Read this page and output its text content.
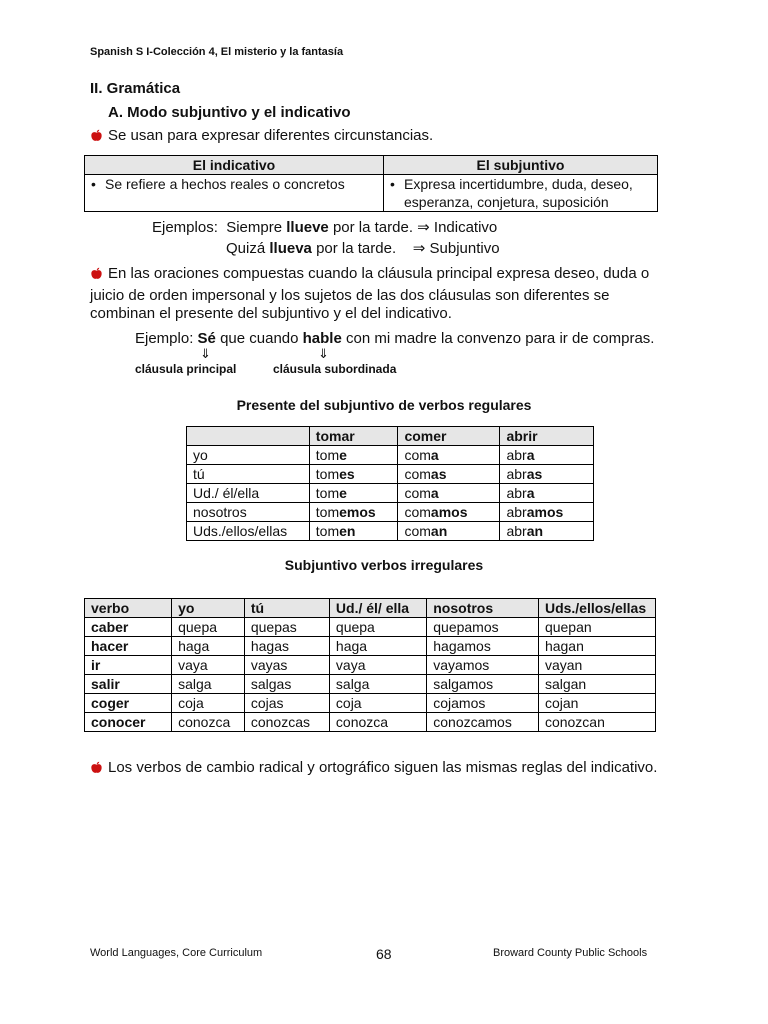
Spanish S I-Colección 4, El misterio y la fantasía
II. Gramática
A. Modo subjuntivo y el indicativo
Se usan para expresar diferentes circunstancias.
El indicativo	El subjuntivo
• Se refiere a hechos reales o concretos	• Expresa incertidumbre, duda, deseo,
esperanza, conjetura, suposición
Ejemplos: Siempre llueve por la tarde. ⇒ Indicativo
Quizá llueva por la tarde. ⇒ Subjuntivo
En las oraciones compuestas cuando la cláusula principal expresa deseo, duda o
juicio de orden impersonal y los sujetos de las dos cláusulas son diferentes se
combinan el presente del subjuntivo y el del indicativo.
Ejemplo: Sé que cuando hable con mi madre la convenzo para ir de compras.
⇓	⇓
cláusula principal	cláusula subordinada
Presente del subjuntivo de verbos regulares
	tomar	comer	abrir
yo	tome	coma	abra
tú	tomes	comas	abras
Ud./ él/ella	tome	coma	abra
nosotros	tomemos	comamos	abramos
Uds./ellos/ellas	tomen	coman	abran
Subjuntivo verbos irregulares
verbo	yo	tú	Ud./ él/ ella	nosotros	Uds./ellos/ellas
caber	quepa	quepas	quepa	quepamos	quepan
hacer	haga	hagas	haga	hagamos	hagan
ir	vaya	vayas	vaya	vayamos	vayan
salir	salga	salgas	salga	salgamos	salgan
coger	coja	cojas	coja	cojamos	cojan
conocer	conozca	conozcas	conozca	conozcamos	conozcan
Los verbos de cambio radical y ortográfico siguen las mismas reglas del indicativo.
World Languages, Core Curriculum	68	Broward County Public Schools
